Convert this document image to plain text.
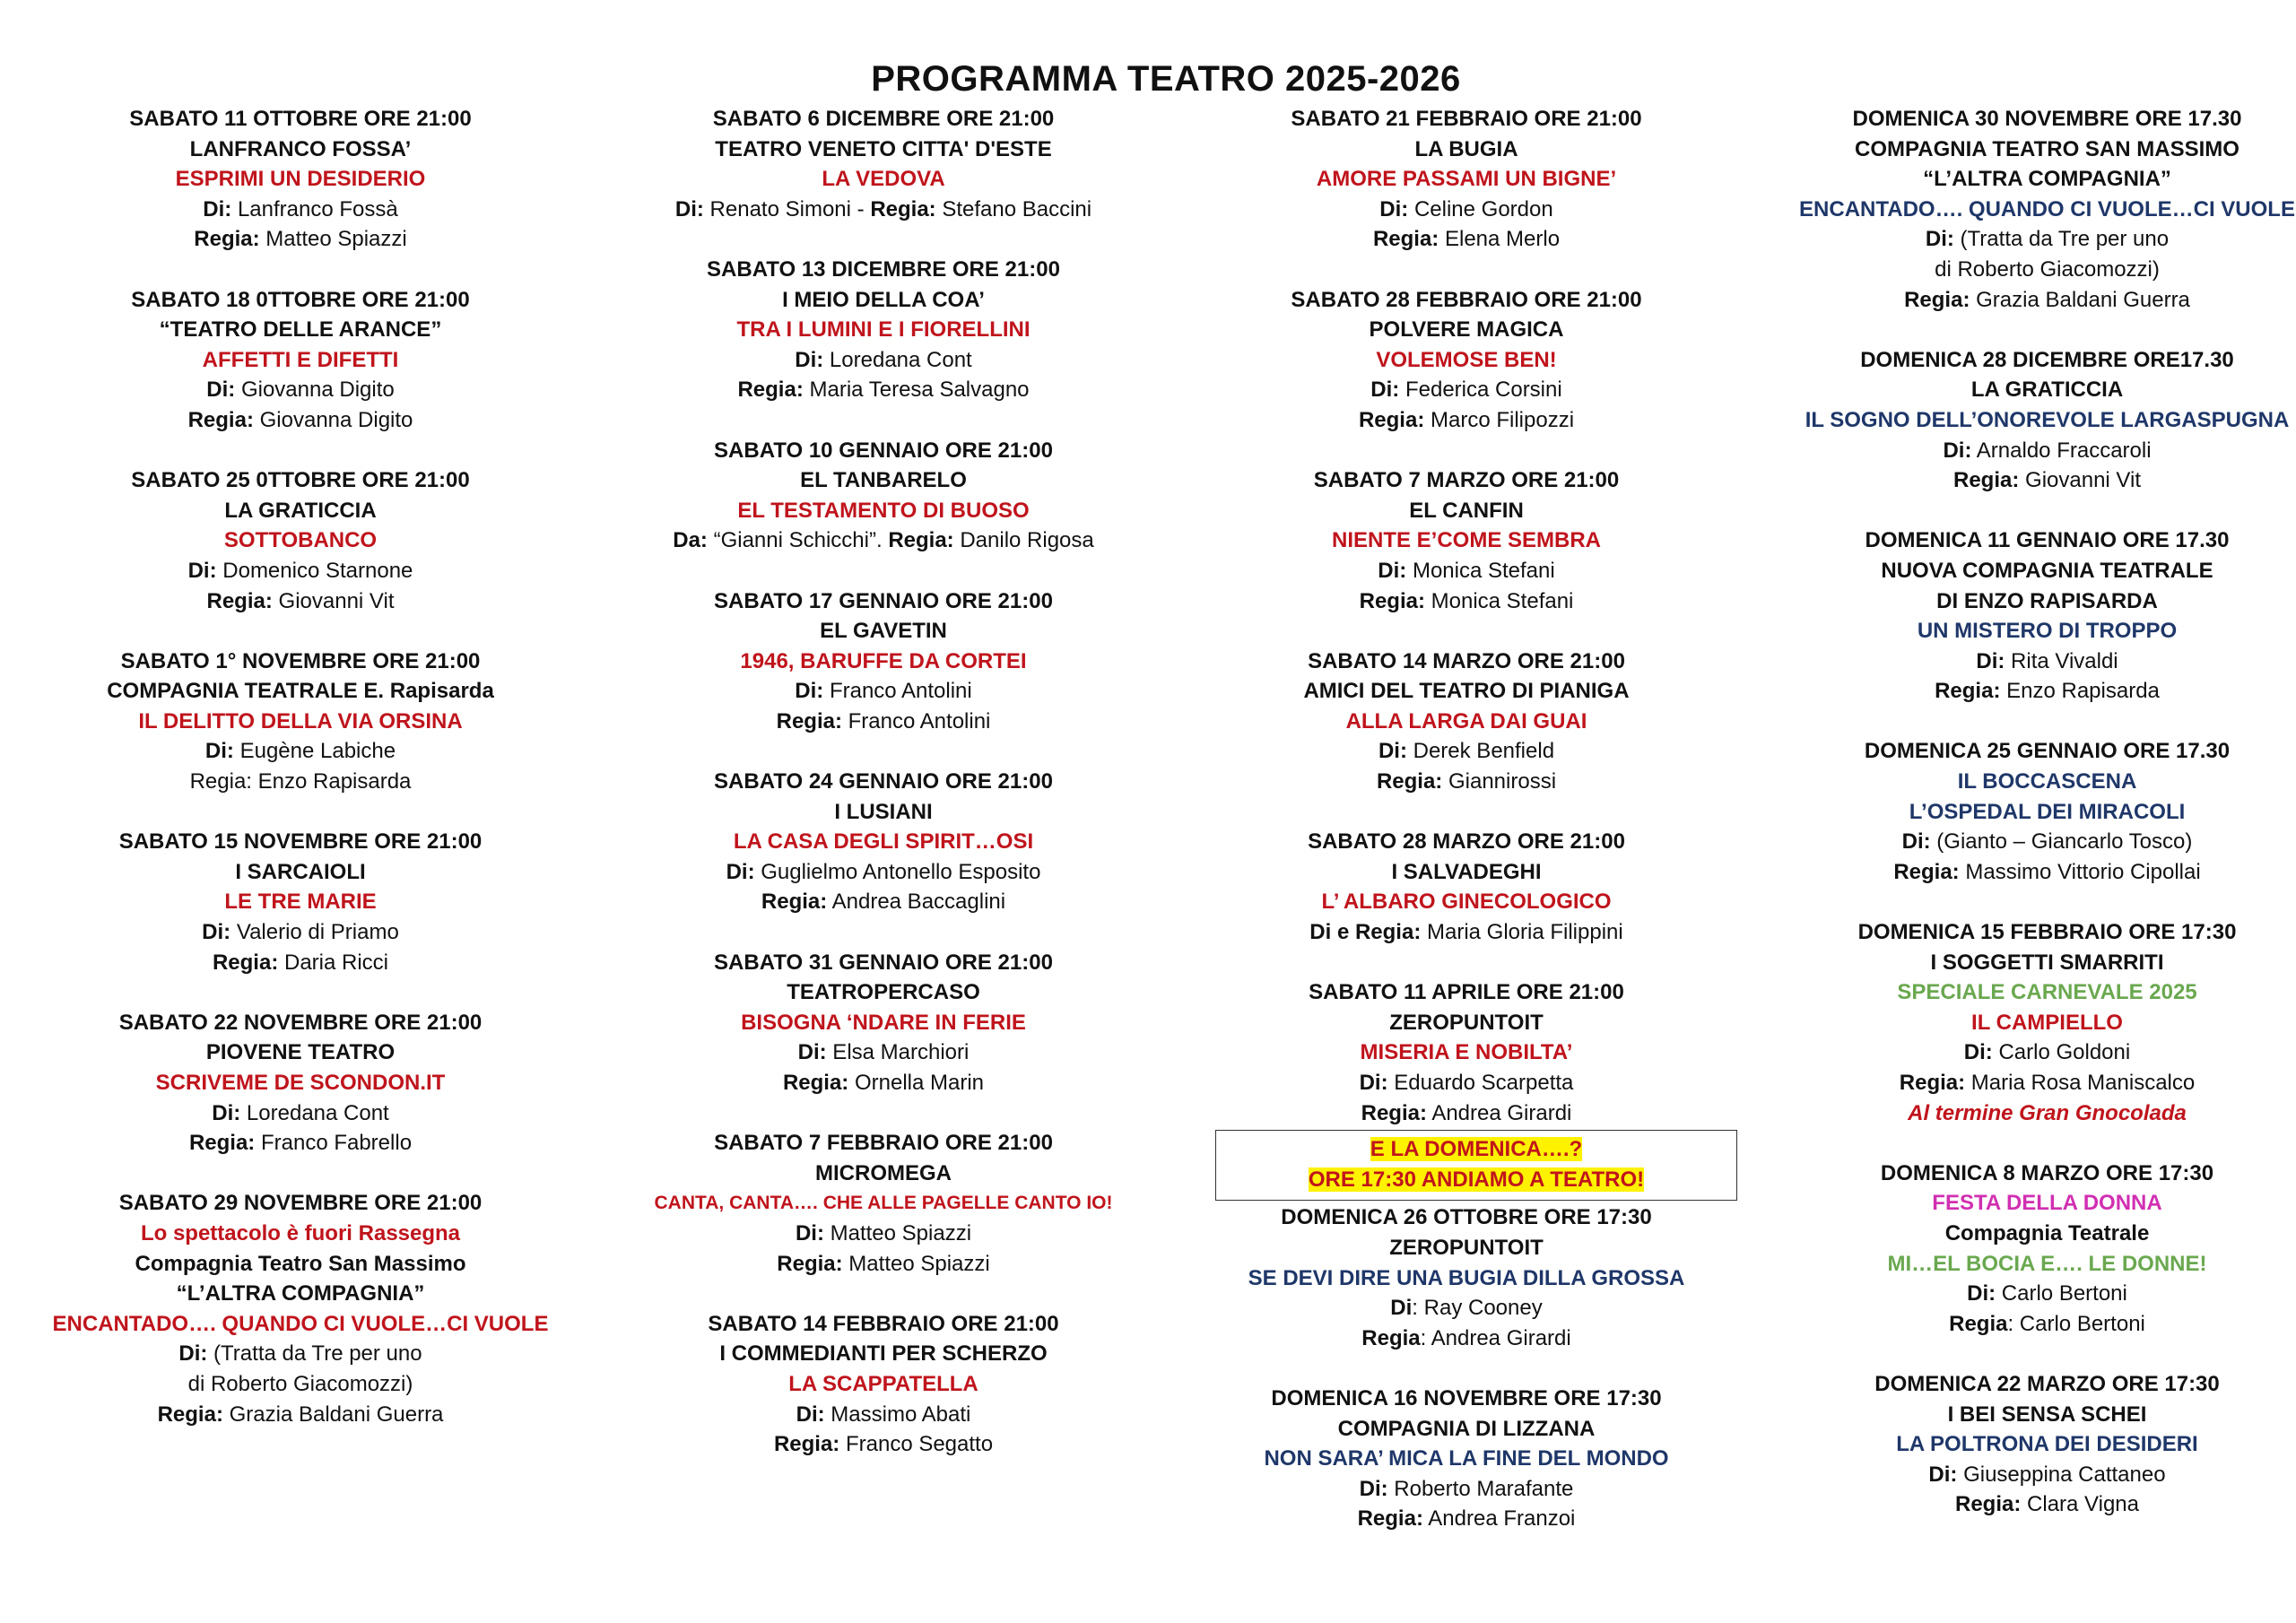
PROGRAMMA TEATRO 2025-2026
SABATO 11 OTTOBRE ORE 21:00
LANFRANCO FOSSA’
ESPRIMI UN DESIDERIO
Di: Lanfranco Fossà
Regia: Matteo Spiazzi
SABATO 18 0TTOBRE ORE 21:00
“TEATRO DELLE ARANCE”
AFFETTI E DIFETTI
Di: Giovanna Digito
Regia: Giovanna Digito
SABATO 25 0TTOBRE ORE 21:00
LA GRATICCIA
SOTTOBANCO
Di: Domenico Starnone
Regia: Giovanni Vit
SABATO 1° NOVEMBRE ORE 21:00
COMPAGNIA TEATRALE E. Rapisarda
IL DELITTO DELLA VIA ORSINA
Di: Eugène Labiche
Regia: Enzo Rapisarda
SABATO 15 NOVEMBRE ORE 21:00
I SARCAIOLI
LE TRE MARIE
Di: Valerio di Priamo
Regia: Daria Ricci
SABATO 22 NOVEMBRE ORE 21:00
PIOVENE TEATRO
SCRIVEME DE SCONDON.IT
Di: Loredana Cont
Regia: Franco Fabrello
SABATO 29 NOVEMBRE ORE 21:00
Lo spettacolo è fuori Rassegna
Compagnia Teatro San Massimo
“L’ALTRA COMPAGNIA”
ENCANTADO…. QUANDO CI VUOLE…CI VUOLE
Di: (Tratta da Tre per uno
di Roberto Giacomozzi)
Regia: Grazia Baldani Guerra
SABATO 6 DICEMBRE ORE 21:00
TEATRO VENETO CITTA' D'ESTE
LA VEDOVA
Di: Renato Simoni - Regia: Stefano Baccini
SABATO 13 DICEMBRE ORE 21:00
I MEIO DELLA COA’
TRA I LUMINI E I FIORELLINI
Di: Loredana Cont
Regia: Maria Teresa Salvagno
SABATO 10 GENNAIO ORE 21:00
EL TANBARELO
EL TESTAMENTO DI BUOSO
Da: “Gianni Schicchi”. Regia: Danilo Rigosa
SABATO 17 GENNAIO ORE 21:00
EL GAVETIN
1946, BARUFFE DA CORTEI
Di: Franco Antolini
Regia: Franco Antolini
SABATO 24 GENNAIO ORE 21:00
I LUSIANI
LA CASA DEGLI SPIRIT…OSI
Di: Guglielmo Antonello Esposito
Regia: Andrea Baccaglini
SABATO 31 GENNAIO ORE 21:00
TEATROPERCASO
BISOGNA ‘NDARE IN FERIE
Di: Elsa Marchiori
Regia: Ornella Marin
SABATO 7 FEBBRAIO ORE 21:00
MICROMEGA
CANTA, CANTA…. CHE ALLE PAGELLE CANTO IO!
Di: Matteo Spiazzi
Regia: Matteo Spiazzi
SABATO 14 FEBBRAIO ORE 21:00
I COMMEDIANTI PER SCHERZO
LA SCAPPATELLA
Di: Massimo Abati
Regia: Franco Segatto
SABATO 21 FEBBRAIO ORE 21:00
LA BUGIA
AMORE PASSAMI UN BIGNE’
Di: Celine Gordon
Regia: Elena Merlo
SABATO 28 FEBBRAIO ORE 21:00
POLVERE MAGICA
VOLEMOSE BEN!
Di: Federica Corsini
Regia: Marco Filipozzi
SABATO 7 MARZO ORE 21:00
EL CANFIN
NIENTE E’COME SEMBRA
Di: Monica Stefani
Regia: Monica Stefani
SABATO 14 MARZO ORE 21:00
AMICI DEL TEATRO DI PIANIGA
ALLA LARGA DAI GUAI
Di: Derek Benfield
Regia: Giannirossi
SABATO 28 MARZO ORE 21:00
I SALVADEGHI
L’ ALBARO GINECOLOGICO
Di e Regia: Maria Gloria Filippini
SABATO 11 APRILE ORE 21:00
ZEROPUNTOIT
MISERIA E NOBILTA’
Di: Eduardo Scarpetta
Regia: Andrea Girardi
E LA DOMENICA….?
ORE 17:30 ANDIAMO A TEATRO!
DOMENICA 26 OTTOBRE ORE 17:30
ZEROPUNTOIT
SE DEVI DIRE UNA BUGIA DILLA GROSSA
Di: Ray Cooney
Regia: Andrea Girardi
DOMENICA 16 NOVEMBRE ORE 17:30
COMPAGNIA DI LIZZANA
NON SARA’ MICA LA FINE DEL MONDO
Di: Roberto Marafante
Regia: Andrea Franzoi
DOMENICA 30 NOVEMBRE ORE 17.30
COMPAGNIA TEATRO SAN MASSIMO
“L’ALTRA COMPAGNIA”
ENCANTADO…. QUANDO CI VUOLE…CI VUOLE
Di: (Tratta da Tre per uno
di Roberto Giacomozzi)
Regia: Grazia Baldani Guerra
DOMENICA 28 DICEMBRE ORE17.30
LA GRATICCIA
IL SOGNO DELL’ONOREVOLE LARGASPUGNA
Di: Arnaldo Fraccaroli
Regia: Giovanni Vit
DOMENICA 11 GENNAIO ORE 17.30
NUOVA COMPAGNIA TEATRALE
DI ENZO RAPISARDA
UN MISTERO DI TROPPO
Di: Rita Vivaldi
Regia: Enzo Rapisarda
DOMENICA 25 GENNAIO ORE 17.30
IL BOCCASCENA
L’OSPEDAL DEI MIRACOLI
Di: (Gianto – Giancarlo Tosco)
Regia: Massimo Vittorio Cipollai
DOMENICA 15 FEBBRAIO ORE 17:30
I SOGGETTI SMARRITI
SPECIALE CARNEVALE 2025
IL CAMPIELLO
Di: Carlo Goldoni
Regia: Maria Rosa Maniscalco
Al termine Gran Gnocolada
DOMENICA 8 MARZO ORE 17:30
FESTA DELLA DONNA
Compagnia Teatrale
MI…EL BOCIA E…. LE DONNE!
Di: Carlo Bertoni
Regia: Carlo Bertoni
DOMENICA 22 MARZO ORE 17:30
I BEI SENSA SCHEI
LA POLTRONA DEI DESIDERI
Di: Giuseppina Cattaneo
Regia: Clara Vigna
